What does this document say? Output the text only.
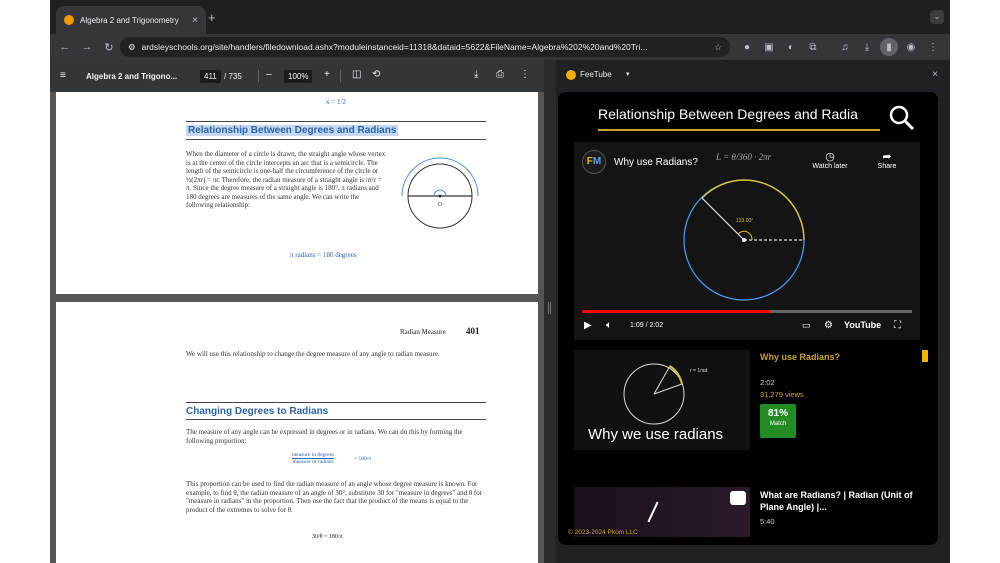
Algebra 2 and Trigonometry	× +	⌄
← → ↻ ⚙ ardsleyschools.org/site/handlers/filedownload.ashx?moduleinstanceid=11318&dataid=5622&FileName=Algebra%202%20and%20Tri...	☆	●	▣	◐	⧉	♫	⤓	▮	◉	⋮
≡	Algebra 2 and Trigono...	411 / 735 –	100%	+ ◫ ⟲	⤓ ⎙ ⋮
x = 1/2
Relationship Between Degrees and Radians
When the diameter of a circle is drawn, the straight angle whose vertex is at the center of the circle intercepts an arc that is a semicircle. The length of the semicircle is one-half the circumference of the circle or ½(2πr) = πr. Therefore, the radian measure of a straight angle is πr/r = π. Since the degree measure of a straight angle is 180°, π radians and 180 degrees are measures of the same angle. We can write the following relationship:
π radians = 180 degrees
O
Radian Measure 401
We will use this relationship to change the degree measure of any angle to radian measure.
Changing Degrees to Radians
The measure of any angle can be expressed in degrees or in radians. We can do this by forming the following proportion:
measure in degrees
measure in radians	= 180/π
This proportion can be used to find the radian measure of an angle whose degree measure is known. For example, to find θ, the radian measure of an angle of 30°, substitute 30 for "measure in degrees" and θ for "measure in radians" in the proportion. Then use the fact that the product of the means is equal to the product of the extremes to solve for θ.
30/θ = 180/π
FeeTube ▾	×
Relationship Between Degrees and Radia
FM	Why use Radians? L = θ/360 · 2πr	◷
Watch later
➦
Share
133.00°
▶ 🔈︎	1:09 / 2:02	▭ ⚙ YouTube ⛶
r = 1rad
Why we use radians
Why use Radians?
2:02
31,279 views
81%
Match
What are Radians? | Radian (Unit of Plane Angle) |...
5:40
© 2023-2024 Pkom LLC
